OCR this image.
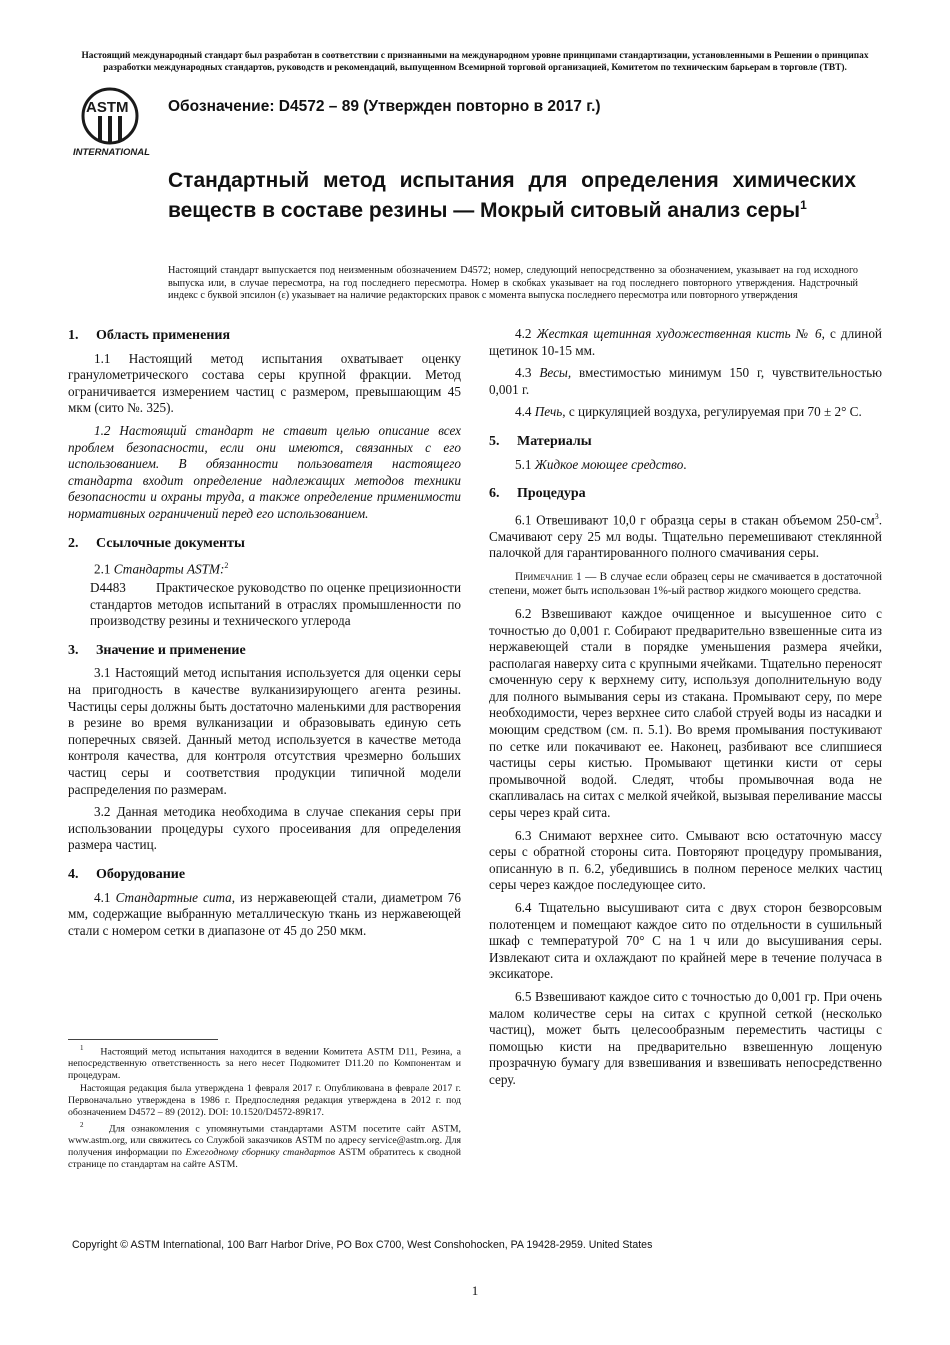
Настоящий международный стандарт был разработан в соответствии с признанными на международном уровне принципами стандартизации, установленными в Решении о принципах разработки международных стандартов, руководств и рекомендаций, выпущенном Всемирной торговой организацией, Комитетом по техническим барьерам в торговле (ТВТ).
ASTM
INTERNATIONAL
Обозначение: D4572 – 89 (Утвержден повторно в 2017 г.)
Стандартный метод испытания для определения химических веществ в составе резины — Мокрый ситовый анализ серы$^1$
Настоящий стандарт выпускается под неизменным обозначением D4572; номер, следующий непосредственно за обозначением, указывает на год исходного выпуска или, в случае пересмотра, на год последнего пересмотра. Номер в скобках указывает на год последнего повторного утверждения. Надстрочный индекс с буквой эпсилон (ε) указывает на наличие редакторских правок с момента выпуска последнего пересмотра или повторного утверждения
1. Область применения

1.1 Настоящий метод испытания охватывает оценку гранулометрического состава серы крупной фракции. Метод ограничивается измерением частиц с размером, превышающим 45 мкм (сито №. 325).

1.2 Настоящий стандарт не ставит целью описание всех проблем безопасности, если они имеются, связанных с его использованием. В обязанности пользователя настоящего стандарта входит определение надлежащих методов техники безопасности и охраны труда, а также определение применимости нормативных ограничений перед его использованием.

2. Ссылочные документы

2.1 Стандарты ASTM:$^2$

D4483 Практическое руководство по оценке прецизионности стандартов методов испытаний в отраслях промышленности по производству резины и технического углерода

3. Значение и применение

3.1 Настоящий метод испытания используется для оценки серы на пригодность в качестве вулканизирующего агента резины. Частицы серы должны быть достаточно маленькими для растворения в резине во время вулканизации и образовывать единую сеть поперечных связей. Данный метод используется в качестве метода контроля качества, для контроля отсутствия чрезмерно больших частиц серы и соответствия продукции типичной модели распределения по размерам.

3.2 Данная методика необходима в случае спекания серы при использовании процедуры сухого просеивания для определения размера частиц.

4. Оборудование

4.1 Стандартные сита, из нержавеющей стали, диаметром 76 мм, содержащие выбранную металлическую ткань из нержавеющей стали с номером сетки в диапазоне от 45 до 250 мкм.

$^1$ Настоящий метод испытания находится в ведении Комитета ASTM D11, Резина, а непосредственную ответственность за него несет Подкомитет D11.20 по Компонентам и процедурам.

Настоящая редакция была утверждена 1 февраля 2017 г. Опубликована в феврале 2017 г. Первоначально утверждена в 1986 г. Предпоследняя редакция утверждена в 2012 г. под обозначением D4572 – 89 (2012). DOI: 10.1520/D4572-89R17.

$^2$	Для ознакомления с упомянутыми стандартами ASTM посетите сайт ASTM, www.astm.org, или свяжитесь со Службой заказчиков ASTM по адресу service@astm.org. Для получения информации по Ежегодному сборнику стандартов ASTM обратитесь к сводной странице по стандартам на сайте ASTM.

4.2 Жесткая щетинная художественная кисть № 6, с длиной щетинок 10-15 мм.

4.3 Весы, вместимостью минимум 150 г, чувствительностью 0,001 г.

4.4 Печь, с циркуляцией воздуха, регулируемая при 70 ± 2° С.

5. Материалы

5.1 Жидкое моющее средство.

6. Процедура

6.1 Отвешивают 10,0 г образца серы в стакан объемом $250-см^3$. Смачивают серу 25 мл воды. Тщательно перемешивают стеклянной палочкой для гарантированного полного смачивания серы.

Примечание 1 — В случае если образец серы не смачивается в достаточной степени, может быть использован 1%-ый раствор жидкого моющего средства.

6.2 Взвешивают каждое очищенное и высушенное сито с точностью до 0,001 г. Собирают предварительно взвешенные сита из нержавеющей стали в порядке уменьшения размера ячейки, располагая наверху сита с крупными ячейками. Тщательно переносят смоченную серу к верхнему ситу, используя дополнительную воду для полного вымывания серы из стакана. Промывают серу, по мере необходимости, через верхнее сито слабой струей воды из насадки и моющим средством (см. п. 5.1). Во время промывания постукивают по сетке или покачивают ее. Наконец, разбивают все слипшиеся частицы серы кистью. Промывают щетинки кисти от серы промывочной водой. Следят, чтобы промывочная вода не скапливалась на ситах с мелкой ячейкой, вызывая переливание массы серы через край сита.

6.3 Снимают верхнее сито. Смывают всю остаточную массу серы с обратной стороны сита. Повторяют процедуру промывания, описанную в п. 6.2, убедившись в полном переносе мелких частиц серы через каждое последующее сито.

6.4 Тщательно высушивают сита с двух сторон безворсовым полотенцем и помещают каждое сито по отдельности в сушильный шкаф с температурой 70° С на 1 ч или до высушивания серы. Извлекают сита и охлаждают по крайней мере в течение получаса в эксикаторе.

6.5 Взвешивают каждое сито с точностью до 0,001 гр. При очень малом количестве серы на ситах с крупной сеткой (несколько частиц), может быть целесообразным переместить частицы с помощью кисти на предварительно взвешенную лощеную прозрачную бумагу для взвешивания и взвешивать непосредственно серу.

Copyright © ASTM International, 100 Barr Harbor Drive, PO Box C700, West Conshohocken, PA 19428-2959. United States
1
